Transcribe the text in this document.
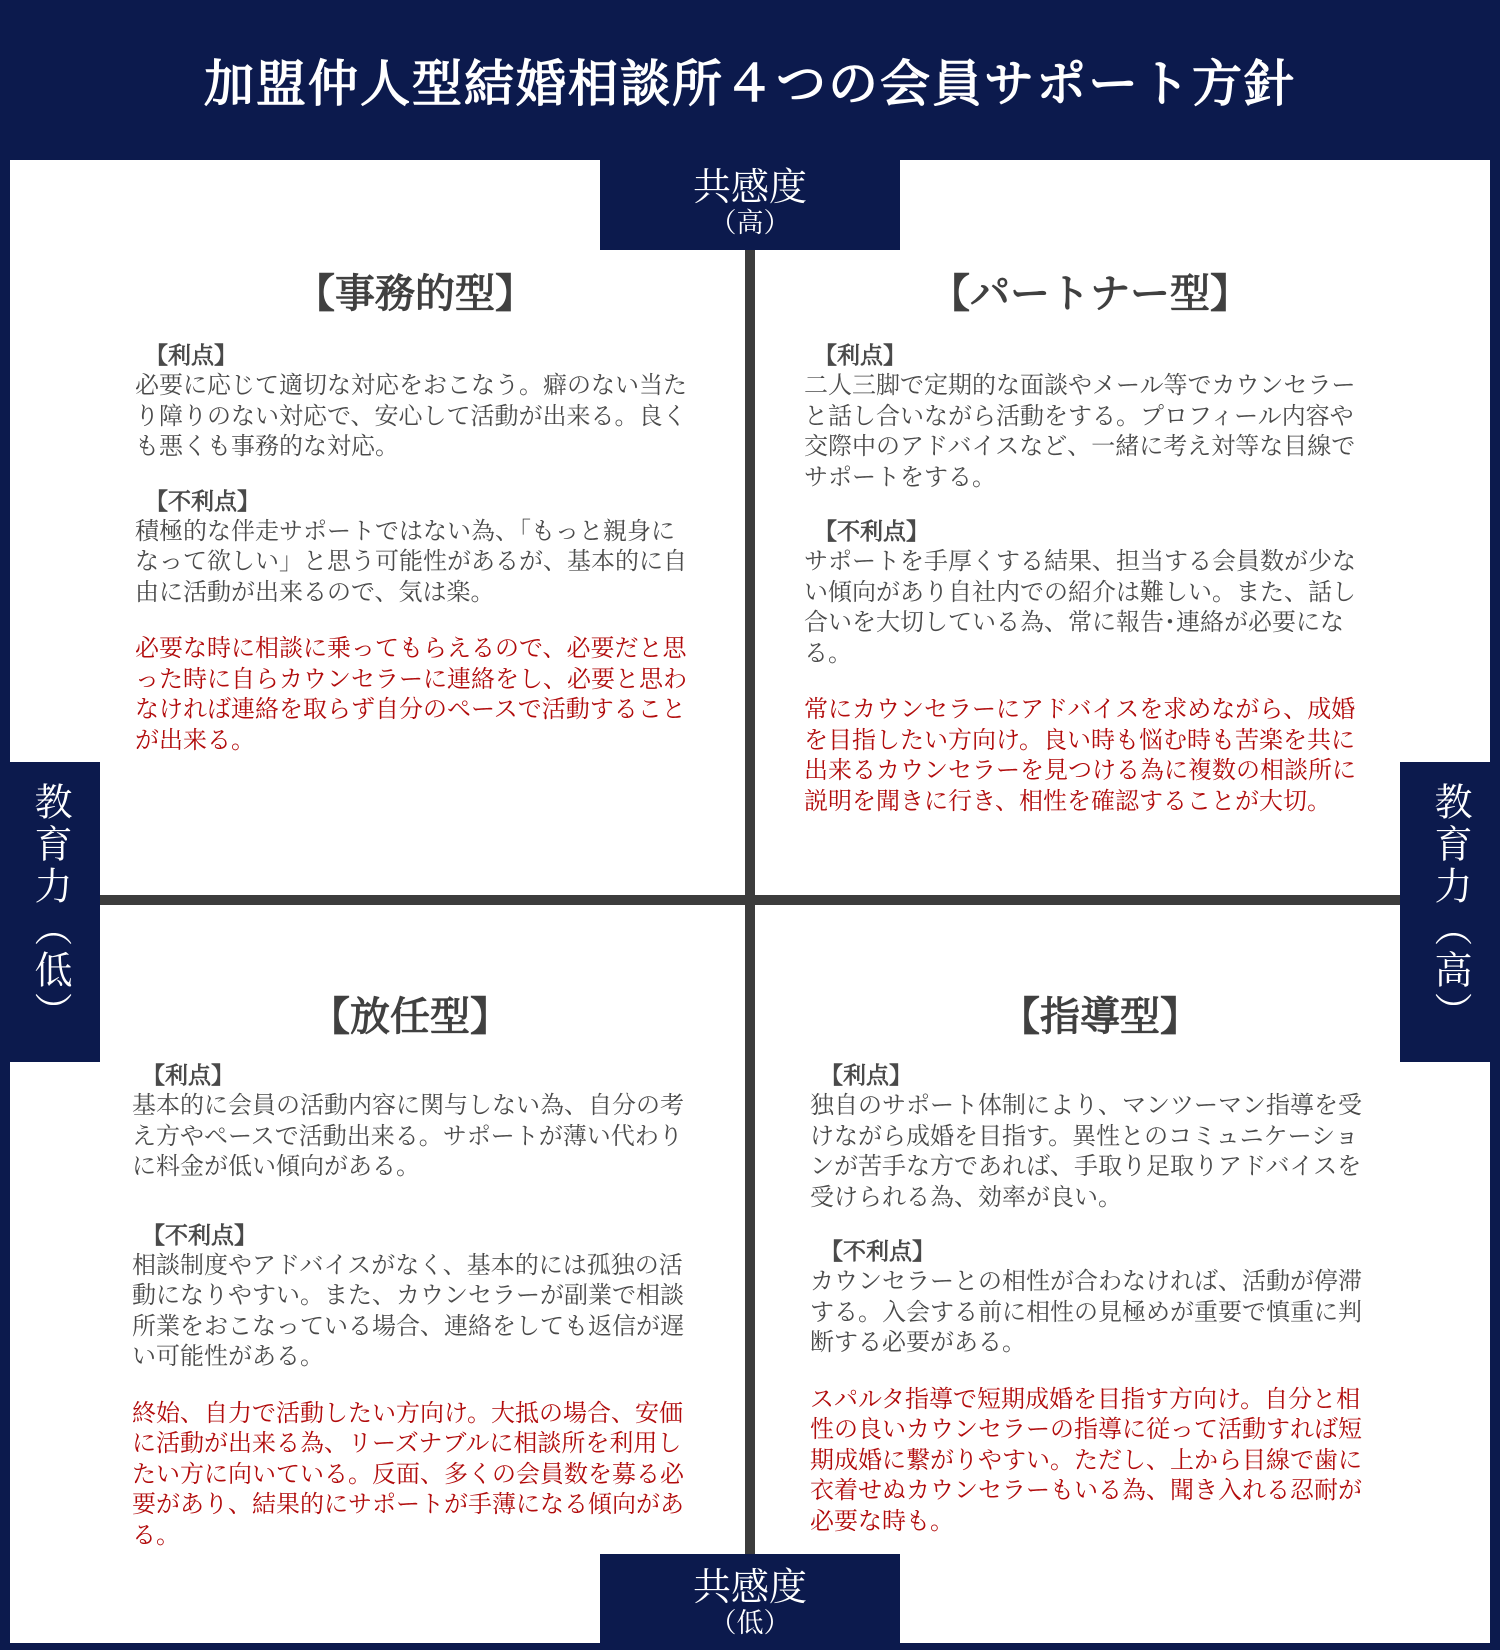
加盟仲人型結婚相談所４つの会員サポート方針
共感度
（高）
共感度
（低）
教育力（低）	教育力（高）
【事務的型】
【利点】
必要に応じて適切な対応をおこなう。癖のない当たり障りのない対応で、安心して活動が出来る。良くも悪くも事務的な対応。
【不利点】
積極的な伴走サポートではない為、「もっと親身になって欲しい」と思う可能性があるが、基本的に自由に活動が出来るので、気は楽。
必要な時に相談に乗ってもらえるので、必要だと思った時に自らカウンセラーに連絡をし、必要と思わなければ連絡を取らず自分のペースで活動することが出来る。
【パートナー型】
【利点】
二人三脚で定期的な面談やメール等でカウンセラーと話し合いながら活動をする。プロフィール内容や交際中のアドバイスなど、一緒に考え対等な目線でサポートをする。
【不利点】
サポートを手厚くする結果、担当する会員数が少ない傾向があり自社内での紹介は難しい。また、話し合いを大切している為、常に報告･連絡が必要になる。
常にカウンセラーにアドバイスを求めながら、成婚を目指したい方向け。良い時も悩む時も苦楽を共に出来るカウンセラーを見つける為に複数の相談所に説明を聞きに行き、相性を確認することが大切。
【放任型】
【利点】
基本的に会員の活動内容に関与しない為、自分の考え方やペースで活動出来る。サポートが薄い代わりに料金が低い傾向がある。
【不利点】
相談制度やアドバイスがなく、基本的には孤独の活動になりやすい。また、カウンセラーが副業で相談所業をおこなっている場合、連絡をしても返信が遅い可能性がある。
終始、自力で活動したい方向け。大抵の場合、安価に活動が出来る為、リーズナブルに相談所を利用したい方に向いている。反面、多くの会員数を募る必要があり、結果的にサポートが手薄になる傾向がある。
【指導型】
【利点】
独自のサポート体制により、マンツーマン指導を受けながら成婚を目指す。異性とのコミュニケーションが苦手な方であれば、手取り足取りアドバイスを受けられる為、効率が良い。
【不利点】
カウンセラーとの相性が合わなければ、活動が停滞する。入会する前に相性の見極めが重要で慎重に判断する必要がある。
スパルタ指導で短期成婚を目指す方向け。自分と相性の良いカウンセラーの指導に従って活動すれば短期成婚に繋がりやすい。ただし、上から目線で歯に衣着せぬカウンセラーもいる為、聞き入れる忍耐が必要な時も。
